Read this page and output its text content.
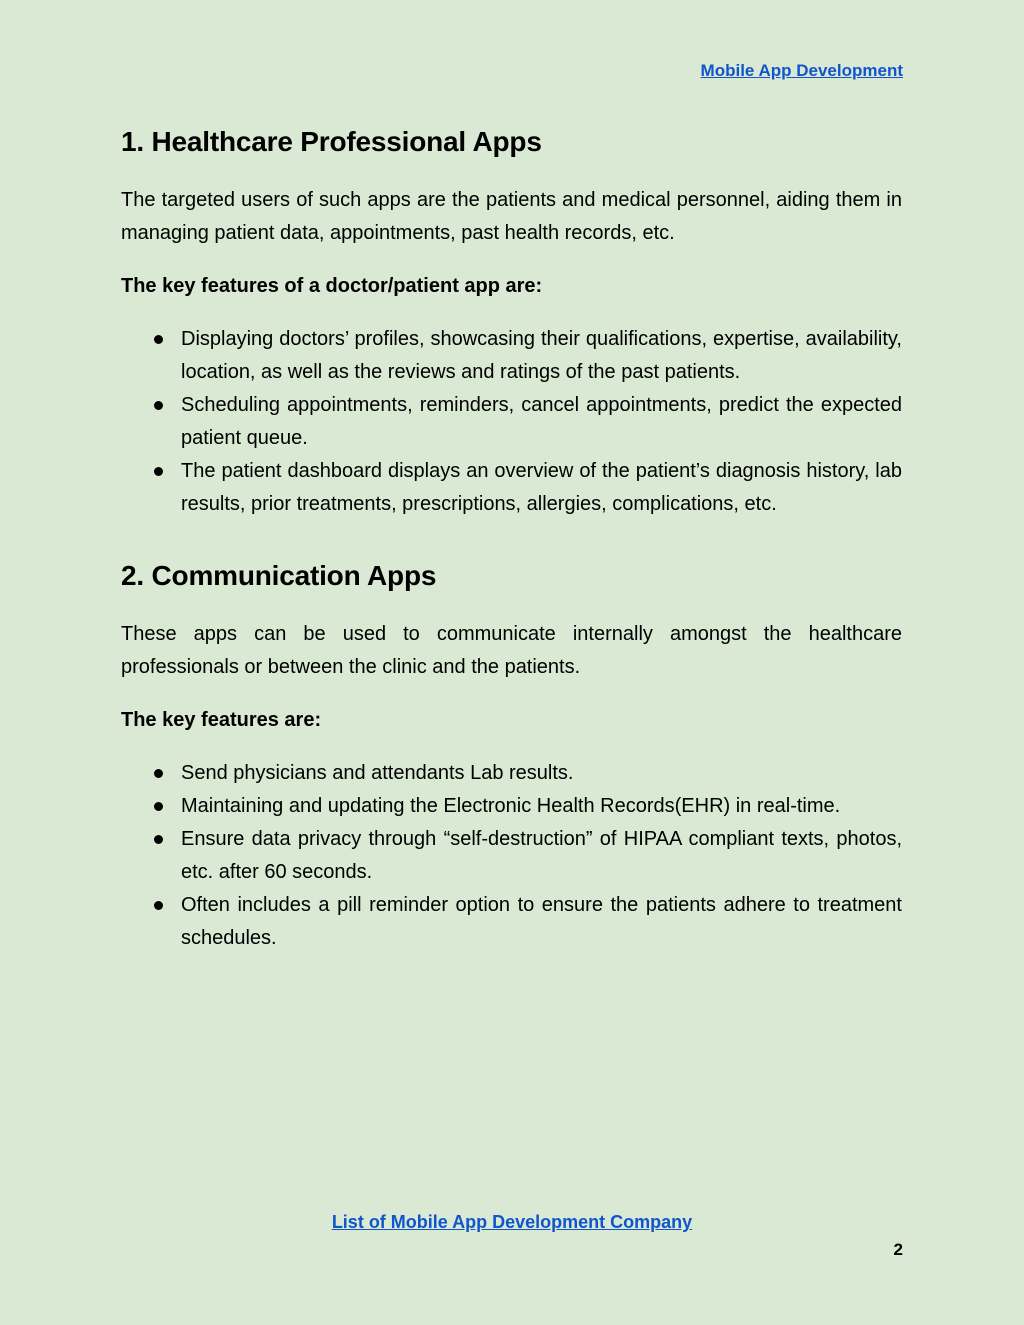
Mobile App Development
1. Healthcare Professional Apps

The targeted users of such apps are the patients and medical personnel, aiding them in managing patient data, appointments, past health records, etc.

The key features of a doctor/patient app are:

Displaying doctors’ profiles, showcasing their qualifications, expertise, availability, location, as well as the reviews and ratings of the past patients.
Scheduling appointments, reminders, cancel appointments, predict the expected patient queue.
The patient dashboard displays an overview of the patient’s diagnosis history, lab results, prior treatments, prescriptions, allergies, complications, etc.
2. Communication Apps

These apps can be used to communicate internally amongst the healthcare professionals or between the clinic and the patients.

The key features are:

Send physicians and attendants Lab results.
Maintaining and updating the Electronic Health Records(EHR) in real-time.
Ensure data privacy through “self-destruction” of HIPAA compliant texts, photos, etc. after 60 seconds.
Often includes a pill reminder option to ensure the patients adhere to treatment schedules.
List of Mobile App Development Company
2
